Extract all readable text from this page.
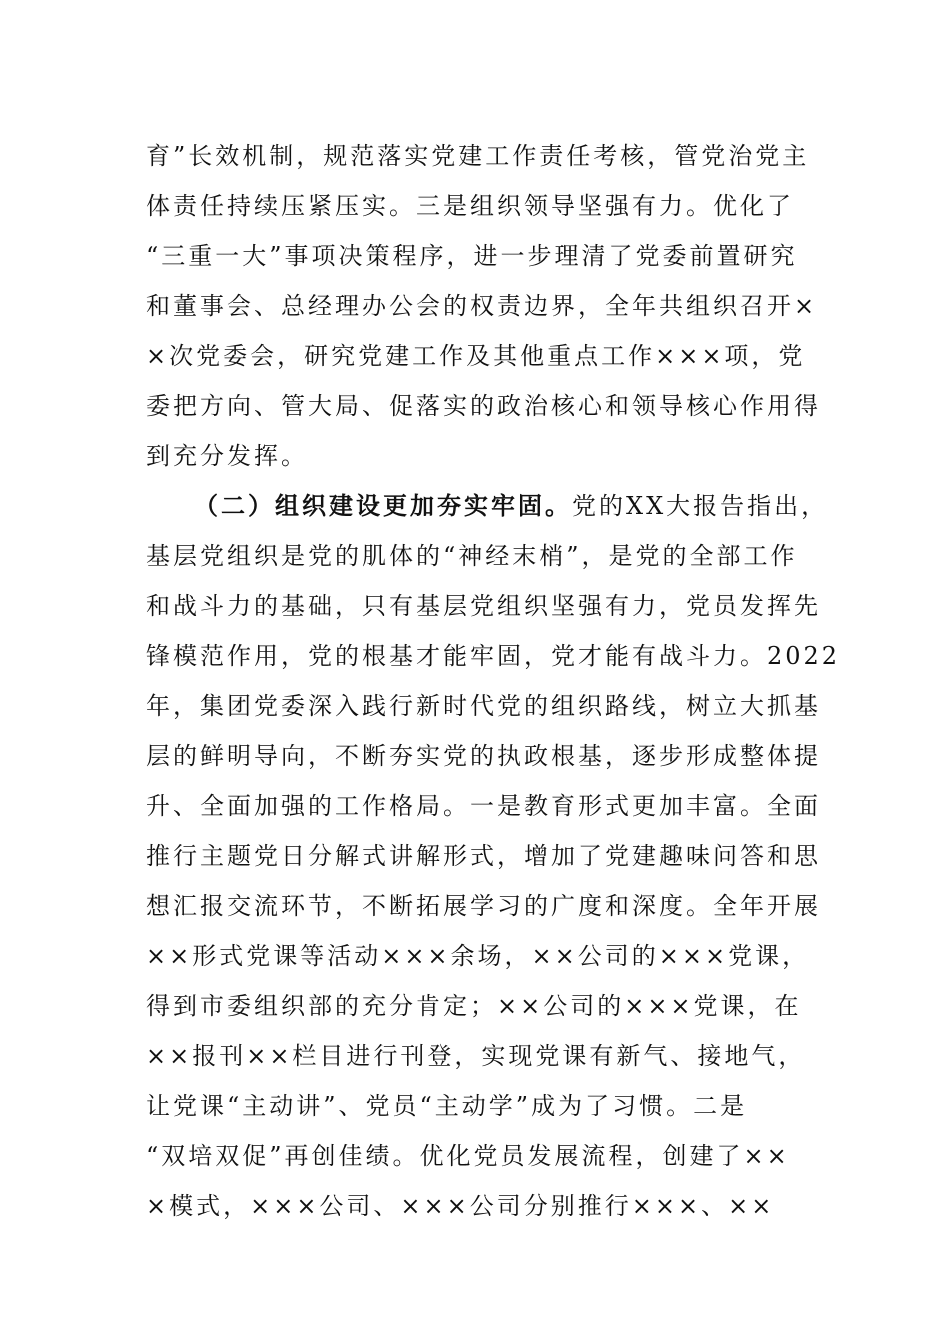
育”长效机制，规范落实党建工作责任考核，管党治党主
体责任持续压紧压实。三是组织领导坚强有力。优化了
“三重一大”事项决策程序，进一步理清了党委前置研究
和董事会、总经理办公会的权责边界，全年共组织召开×
×次党委会，研究党建工作及其他重点工作×××项，党
委把方向、管大局、促落实的政治核心和领导核心作用得
到充分发挥。
（二）组织建设更加夯实牢固。党的XX大报告指出，
基层党组织是党的肌体的“神经末梢”，是党的全部工作
和战斗力的基础，只有基层党组织坚强有力，党员发挥先
锋模范作用，党的根基才能牢固，党才能有战斗力。2022
年，集团党委深入践行新时代党的组织路线，树立大抓基
层的鲜明导向，不断夯实党的执政根基，逐步形成整体提
升、全面加强的工作格局。一是教育形式更加丰富。全面
推行主题党日分解式讲解形式，增加了党建趣味问答和思
想汇报交流环节，不断拓展学习的广度和深度。全年开展
××形式党课等活动×××余场，××公司的×××党课，
得到市委组织部的充分肯定；××公司的×××党课，在
××报刊××栏目进行刊登，实现党课有新气、接地气，
让党课“主动讲”、党员“主动学”成为了习惯。二是
“双培双促”再创佳绩。优化党员发展流程，创建了××
×模式，×××公司、×××公司分别推行×××、××
